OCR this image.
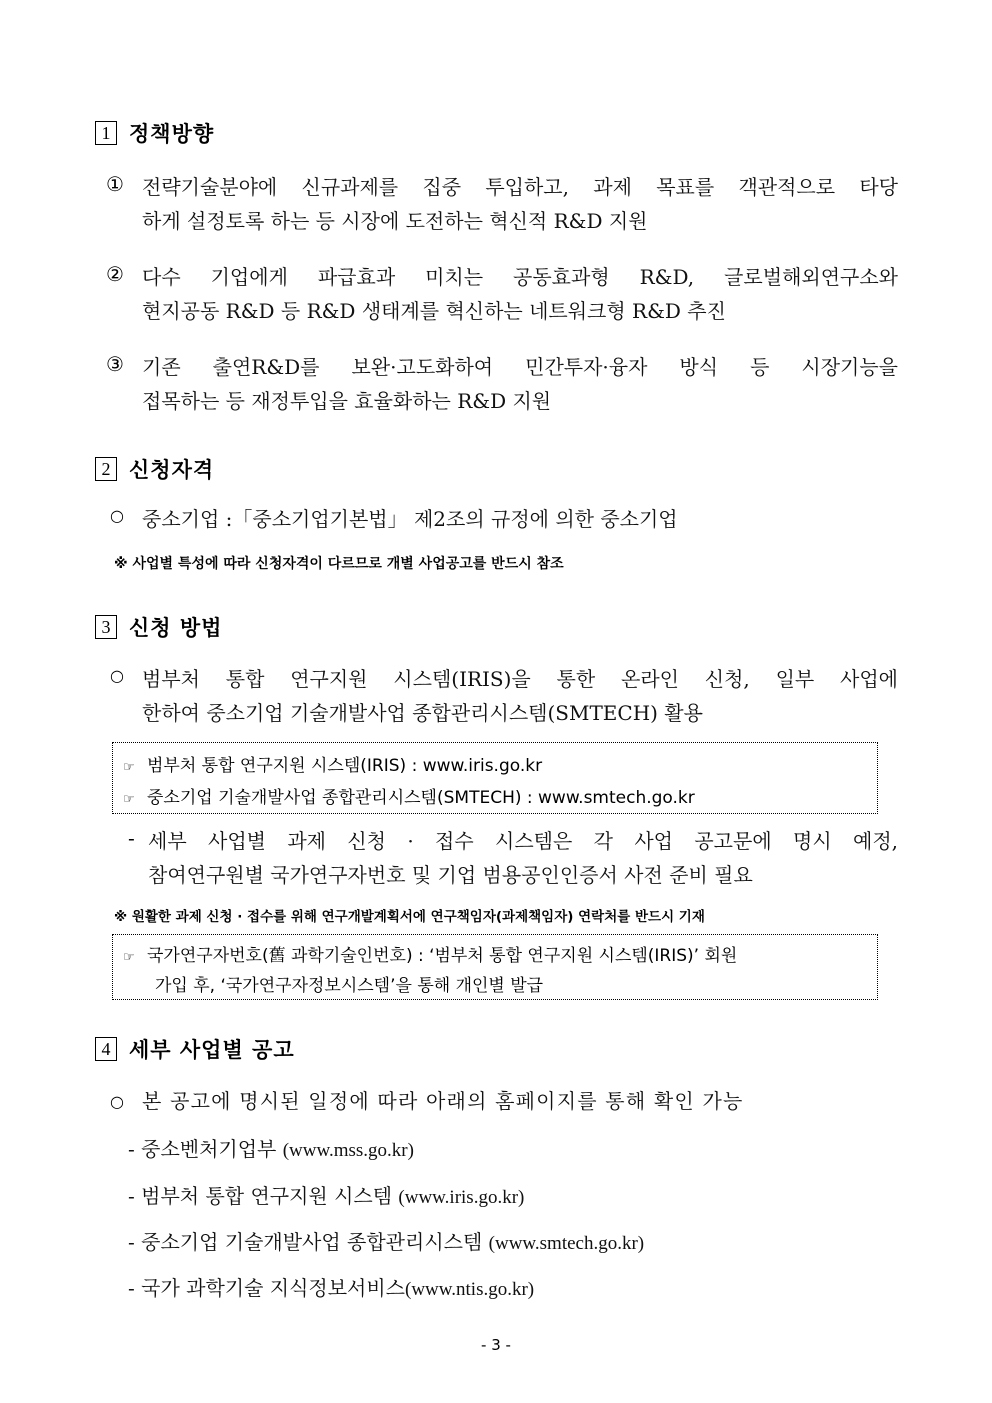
1 정책방향
① 전략기술분야에 신규과제를 집중 투입하고, 과제 목표를 객관적으로 타당
하게 설정토록 하는 등 시장에 도전하는 혁신적 R&D 지원
② 다수 기업에게 파급효과 미치는 공동효과형 R&D, 글로벌해외연구소와
현지공동 R&D 등 R&D 생태계를 혁신하는 네트워크형 R&D 추진
③ 기존 출연R&D를 보완·고도화하여 민간투자·융자 방식 등 시장기능을
접목하는 등 재정투입을 효율화하는 R&D 지원
2 신청자격
○ 중소기업 :「중소기업기본법」 제2조의 규정에 의한 중소기업
※ 사업별 특성에 따라 신청자격이 다르므로 개별 사업공고를 반드시 참조
3 신청 방법
○ 범부처 통합 연구지원 시스템(IRIS)을 통한 온라인 신청, 일부 사업에
한하여 중소기업 기술개발사업 종합관리시스템(SMTECH) 활용
☞ 범부처 통합 연구지원 시스템(IRIS) : www.iris.go.kr
☞ 중소기업 기술개발사업 종합관리시스템(SMTECH) : www.smtech.go.kr
- 세부 사업별 과제 신청 · 접수 시스템은 각 사업 공고문에 명시 예정,
참여연구원별 국가연구자번호 및 기업 범용공인인증서 사전 준비 필요
※ 원활한 과제 신청 · 접수를 위해 연구개발계획서에 연구책임자(과제책임자) 연락처를 반드시 기재
☞ 국가연구자번호(舊 과학기술인번호) : ‘범부처 통합 연구지원 시스템(IRIS)’ 회원
가입 후, ‘국가연구자정보시스템’을 통해 개인별 발급
4 세부 사업별 공고
○ 본 공고에 명시된 일정에 따라 아래의 홈페이지를 통해 확인 가능
- 중소벤처기업부 (www.mss.go.kr)
- 범부처 통합 연구지원 시스템 (www.iris.go.kr)
- 중소기업 기술개발사업 종합관리시스템 (www.smtech.go.kr)
- 국가 과학기술 지식정보서비스(www.ntis.go.kr)
- 3 -
